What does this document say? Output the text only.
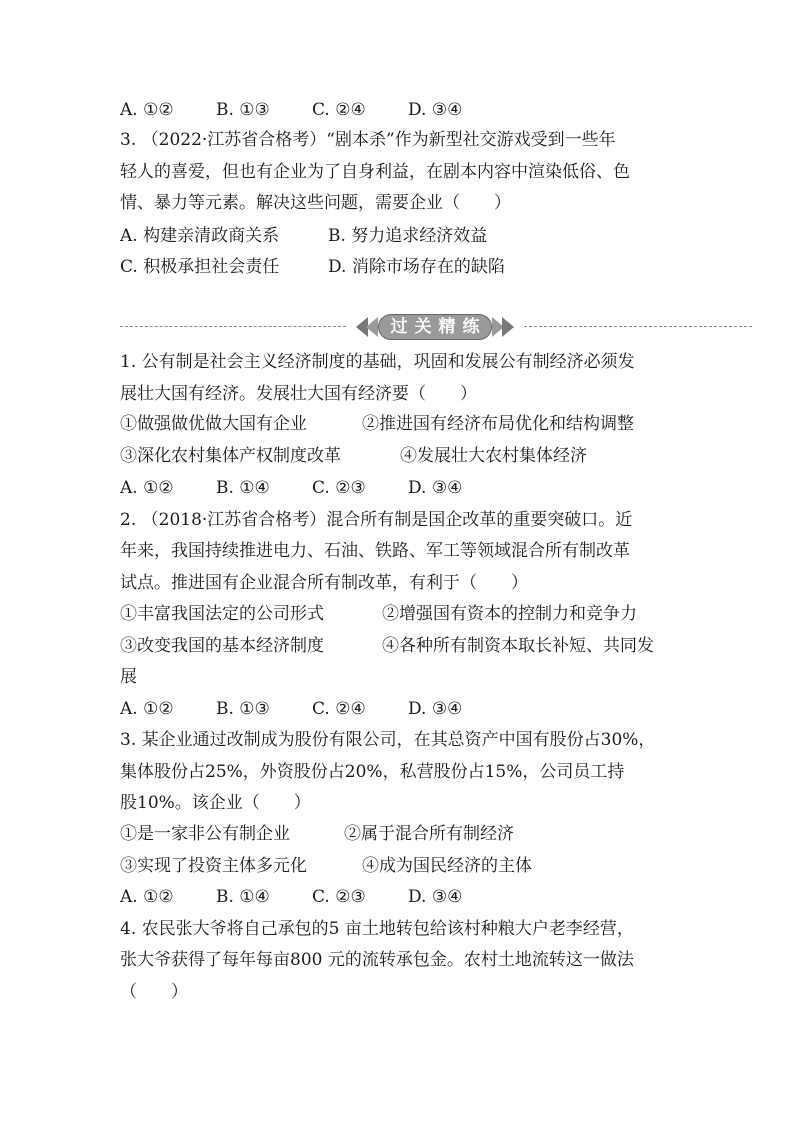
A. ①② B. ①③ C. ②④ D. ③④
3. （2022·江苏省合格考）“剧本杀”作为新型社交游戏受到一些年
轻人的喜爱，但也有企业为了自身利益，在剧本内容中渲染低俗、色
情、暴力等元素。解决这些问题，需要企业（　　）
A. 构建亲清政商关系	B. 努力追求经济效益
C. 积极承担社会责任	D. 消除市场存在的缺陷
过关精练
1. 公有制是社会主义经济制度的基础，巩固和发展公有制经济必须发
展壮大国有经济。发展壮大国有经济要（　　）
①做强做优做大国有企业	②推进国有经济布局优化和结构调整
③深化农村集体产权制度改革	④发展壮大农村集体经济
A. ①② B. ①④ C. ②③ D. ③④
2. （2018·江苏省合格考）混合所有制是国企改革的重要突破口。近
年来，我国持续推进电力、石油、铁路、军工等领域混合所有制改革
试点。推进国有企业混合所有制改革，有利于（　　）
①丰富我国法定的公司形式	②增强国有资本的控制力和竞争力
③改变我国的基本经济制度	④各种所有制资本取长补短、共同发
展
A. ①② B. ①③ C. ②④ D. ③④
3. 某企业通过改制成为股份有限公司，在其总资产中国有股份占30%，
集体股份占25%，外资股份占20%，私营股份占15%，公司员工持
股10%。该企业（　　）
①是一家非公有制企业	②属于混合所有制经济
③实现了投资主体多元化	④成为国民经济的主体
A. ①② B. ①④ C. ②③ D. ③④
4. 农民张大爷将自己承包的5 亩土地转包给该村种粮大户老李经营，
张大爷获得了每年每亩800 元的流转承包金。农村土地流转这一做法
（　　）
